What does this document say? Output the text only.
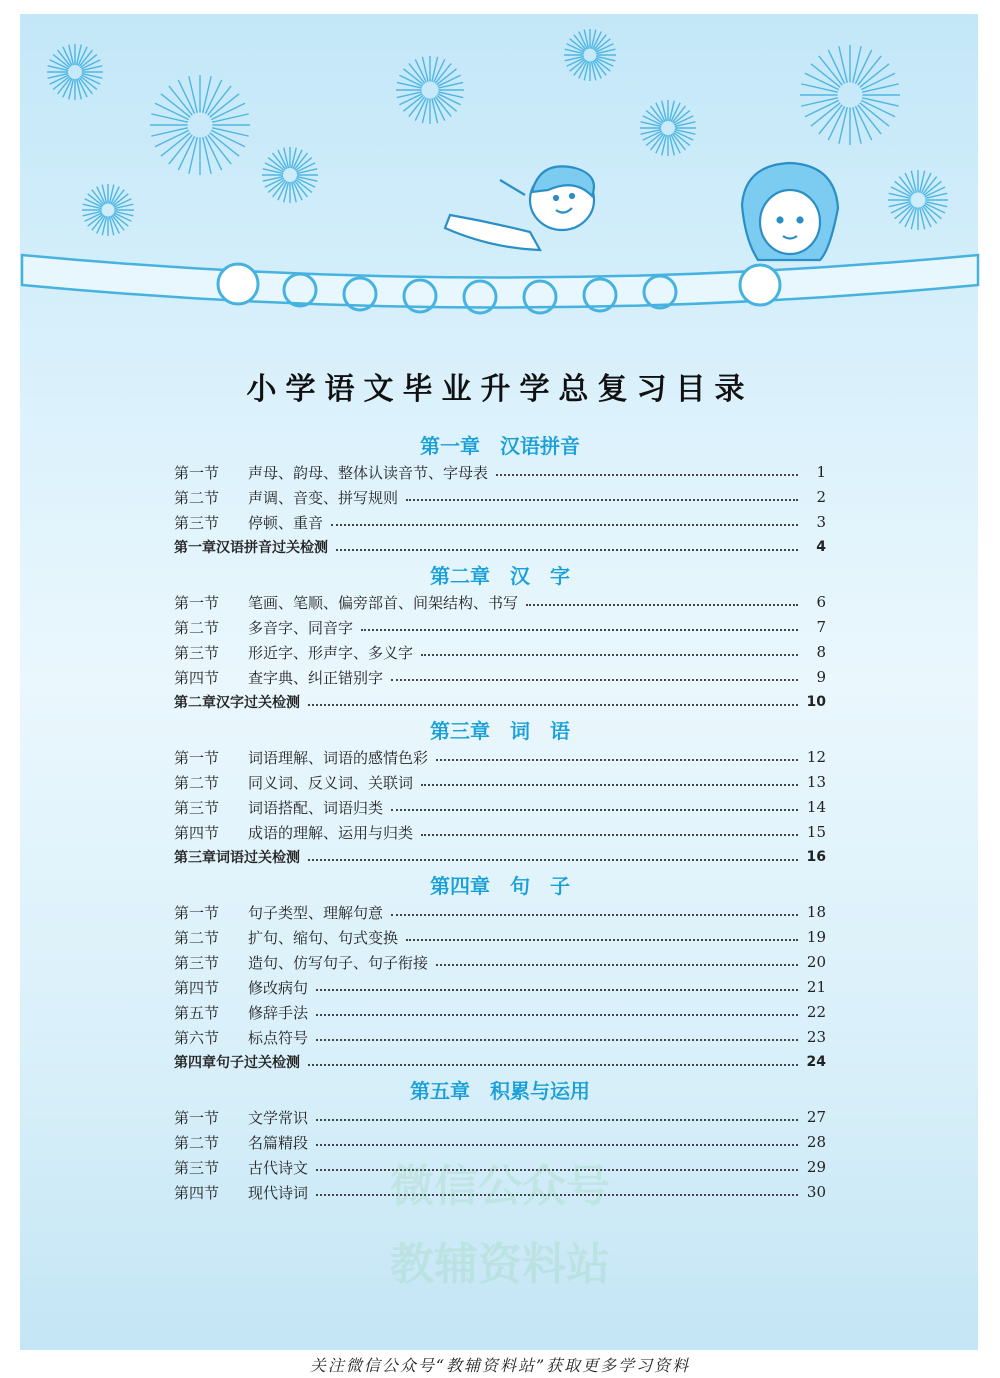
小学语文毕业升学总复习目录
第一章　汉语拼音
第一节	声母、韵母、整体认读音节、字母表	1
第二节	声调、音变、拼写规则	2
第三节	停顿、重音	3
第一章汉语拼音过关检测	4
第二章　汉　字
第一节	笔画、笔顺、偏旁部首、间架结构、书写	6
第二节	多音字、同音字	7
第三节	形近字、形声字、多义字	8
第四节	查字典、纠正错别字	9
第二章汉字过关检测	10
第三章　词　语
第一节	词语理解、词语的感情色彩	12
第二节	同义词、反义词、关联词	13
第三节	词语搭配、词语归类	14
第四节	成语的理解、运用与归类	15
第三章词语过关检测	16
第四章　句　子
第一节	句子类型、理解句意	18
第二节	扩句、缩句、句式变换	19
第三节	造句、仿写句子、句子衔接	20
第四节	修改病句	21
第五节	修辞手法	22
第六节	标点符号	23
第四章句子过关检测	24
第五章　积累与运用
第一节	文学常识	27
第二节	名篇精段	28
第三节	古代诗文	29
第四节	现代诗词	30
微信公众号
教辅资料站
关注微信公众号“教辅资料站”获取更多学习资料
